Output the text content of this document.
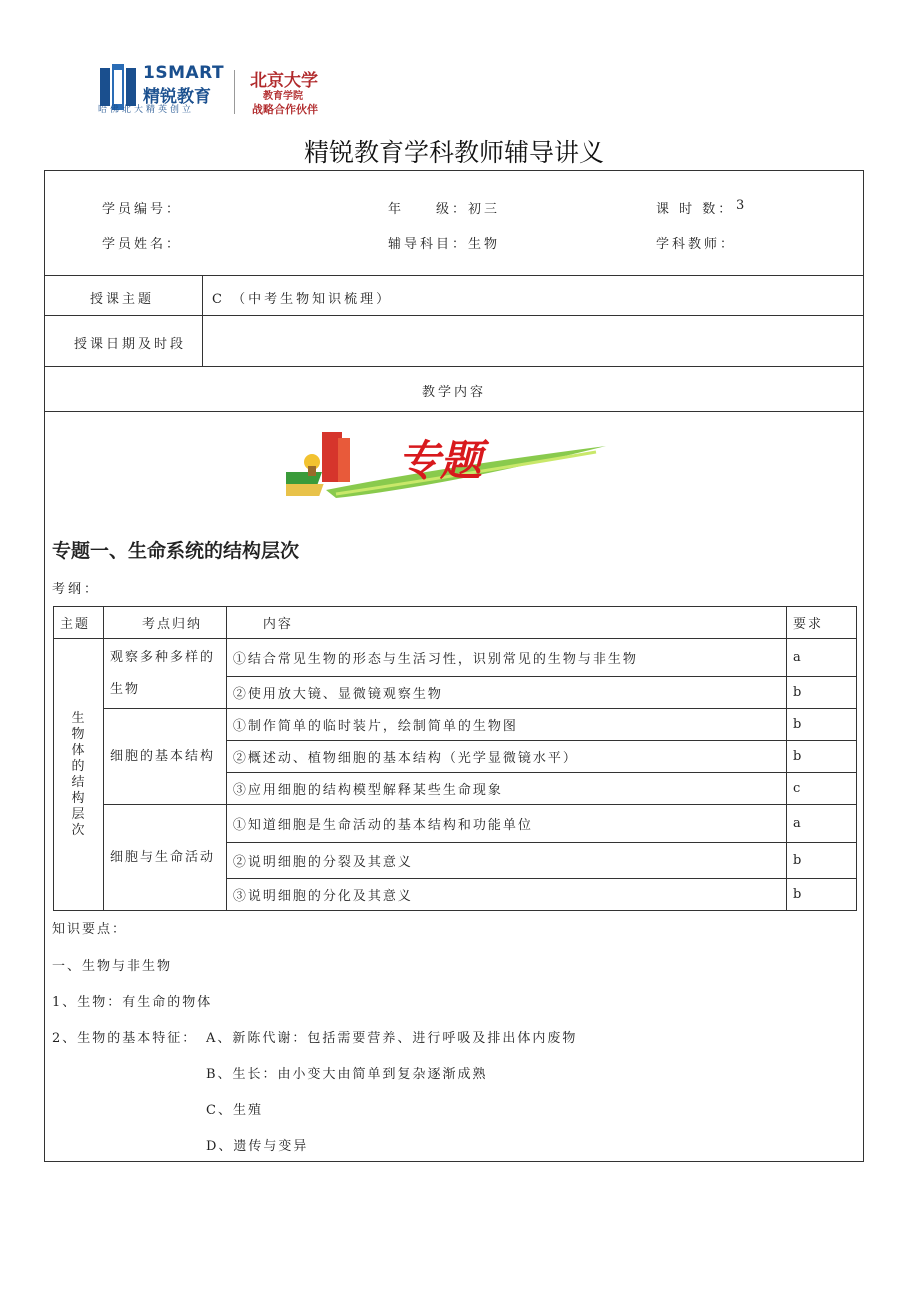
1SMART
精锐教育
哈佛北大精英创立
北京大学
教育学院
战略合作伙伴
精锐教育学科教师辅导讲义
学员编号：	年　　级： 初三	课 时 数： 3
学员姓名：	辅导科目： 生物	学科教师：
授课主题	C （中考生物知识梳理）
授课日期及时段
教学内容
专题
专题一、生命系统的结构层次
考纲：
主题	考点归纳	内容	要求

生物体的结构层次	观察多种多样的生物	①结合常见生物的形态与生活习性，识别常见的生物与非生物	a
		②使用放大镜、显微镜观察生物	b
	细胞的基本结构	①制作简单的临时装片，绘制简单的生物图	b
		②概述动、植物细胞的基本结构（光学显微镜水平）	b
		③应用细胞的结构模型解释某些生命现象	c
	细胞与生命活动	①知道细胞是生命活动的基本结构和功能单位	a
		②说明细胞的分裂及其意义	b
		③说明细胞的分化及其意义	b
知识要点：
一、生物与非生物
1、生物：有生命的物体
2、生物的基本特征： A、新陈代谢：包括需要营养、进行呼吸及排出体内废物
B、生长：由小变大由简单到复杂逐渐成熟
C、生殖
D、遗传与变异
